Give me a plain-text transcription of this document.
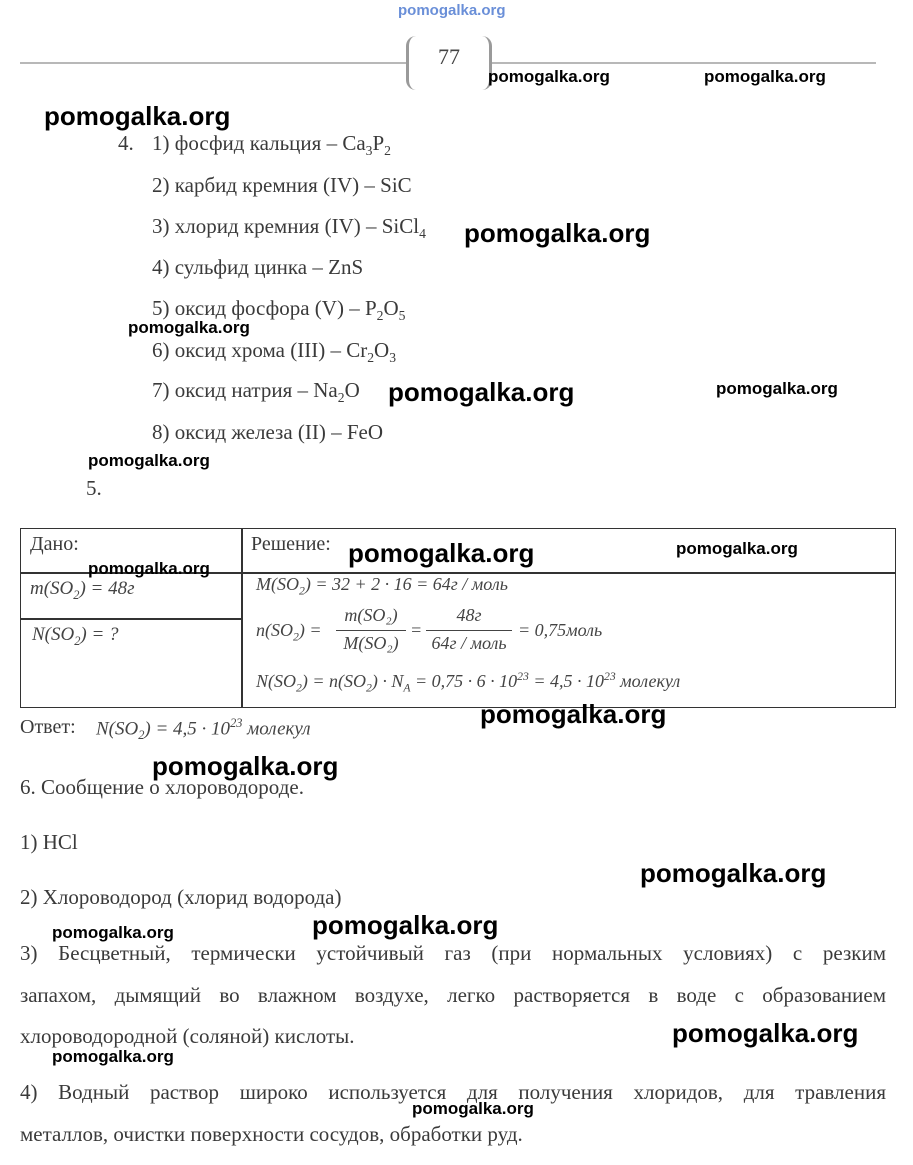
pomogalka.org
77
pomogalka.org	pomogalka.org
pomogalka.org
pomogalka.org
pomogalka.org
pomogalka.org	pomogalka.org
pomogalka.org
4. 1) фосфид кальция – $Ca_3P_2$
2) карбид кремния (IV) – SiC
3) хлорид кремния (IV) – SiCl$_4$
4) сульфид цинка – ZnS
5) оксид фосфора $(V) - P_2O_5$
6) оксид хрома $(III) - Cr_2O_3$
7) оксид натрия – $Na_2O$
8) оксид железа (II) – FeO
5.
Дано:	Решение: pomogalka.org	pomogalka.org
pomogalka.org
$m(SO_2) = 48г$
$N(SO_2)$ = ?
$M(SO_2) = 32 + 2 \cdot 16 = 64г$ / моль
$n(SO_2)$ =
m(SO₂)
M(SO₂)
=
48г
64г / моль
= 0,75моль
$N(SO_2) = n(SO_2) \cdot N_A = 0,75 \cdot 6 \cdot 10^{23} = 4,5 \cdot 10^{23}$ молекул
Ответ: $N(SO_2) = 4,5 \cdot 10^{23}$ молекул	pomogalka.org
pomogalka.org
6. Сообщение о хлороводороде.
1) HCl
pomogalka.org
2) Хлороводород (хлорид водорода)
pomogalka.org
pomogalka.org
3) Бесцветный, термически устойчивый газ (при нормальных условиях) с резким
запахом, дымящий во влажном воздухе, легко растворяется в воде с образованием
хлороводородной (соляной) кислоты.	pomogalka.org
pomogalka.org
4) Водный раствор широко используется для получения хлоридов, для травления
pomogalka.org
металлов, очистки поверхности сосудов, обработки руд.
